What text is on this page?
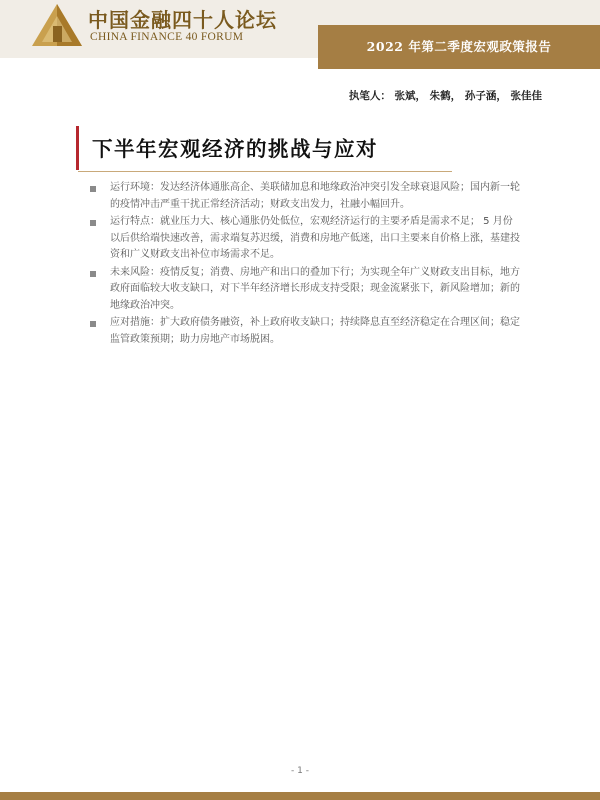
中国金融四十人论坛
CHINA FINANCE 40 FORUM
2022 年第二季度宏观政策报告
执笔人： 张斌， 朱鹤， 孙子涵， 张佳佳
下半年宏观经济的挑战与应对
运行环境：发达经济体通胀高企、美联储加息和地缘政治冲突引发全球衰退风险；国内新一轮的疫情冲击严重干扰正常经济活动；财政支出发力，社融小幅回升。
运行特点：就业压力大、核心通胀仍处低位，宏观经济运行的主要矛盾是需求不足； 5 月份以后供给端快速改善，需求端复苏迟缓，消费和房地产低迷，出口主要来自价格上涨，基建投资和广义财政支出补位市场需求不足。
未来风险：疫情反复；消费、房地产和出口的叠加下行；为实现全年广义财政支出目标，地方政府面临较大收支缺口，对下半年经济增长形成支持受限；现金流紧张下，新风险增加；新的地缘政治冲突。
应对措施：扩大政府债务融资，补上政府收支缺口；持续降息直至经济稳定在合理区间；稳定监管政策预期；助力房地产市场脱困。
- 1 -
